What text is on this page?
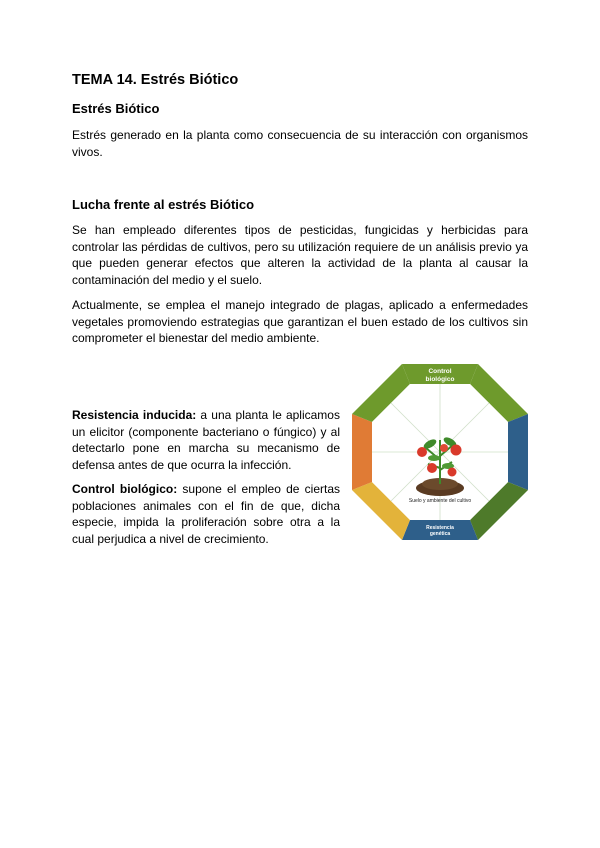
TEMA 14. Estrés Biótico
Estrés Biótico
Estrés generado en la planta como consecuencia de su interacción con organismos vivos.
Lucha frente al estrés Biótico
Se han empleado diferentes tipos de pesticidas, fungicidas y herbicidas para controlar las pérdidas de cultivos, pero su utilización requiere de un análisis previo ya que pueden generar efectos que alteren la actividad de la planta al causar la contaminación del medio y el suelo.
Actualmente, se emplea el manejo integrado de plagas, aplicado a enfermedades vegetales promoviendo estrategias que garantizan el buen estado de los cultivos sin comprometer el bienestar del medio ambiente.
Resistencia inducida: a una planta le aplicamos un elicitor (componente bacteriano o fúngico) y al detectarlo pone en marcha su mecanismo de defensa antes de que ocurra la infección.
Control biológico: supone el empleo de ciertas poblaciones animales con el fin de que, dicha especie, impida la proliferación sobre otra a la cual perjudica a nivel de crecimiento.
Control
biológico
Resistencia
genética
Suelo y ambiente del cultivo
